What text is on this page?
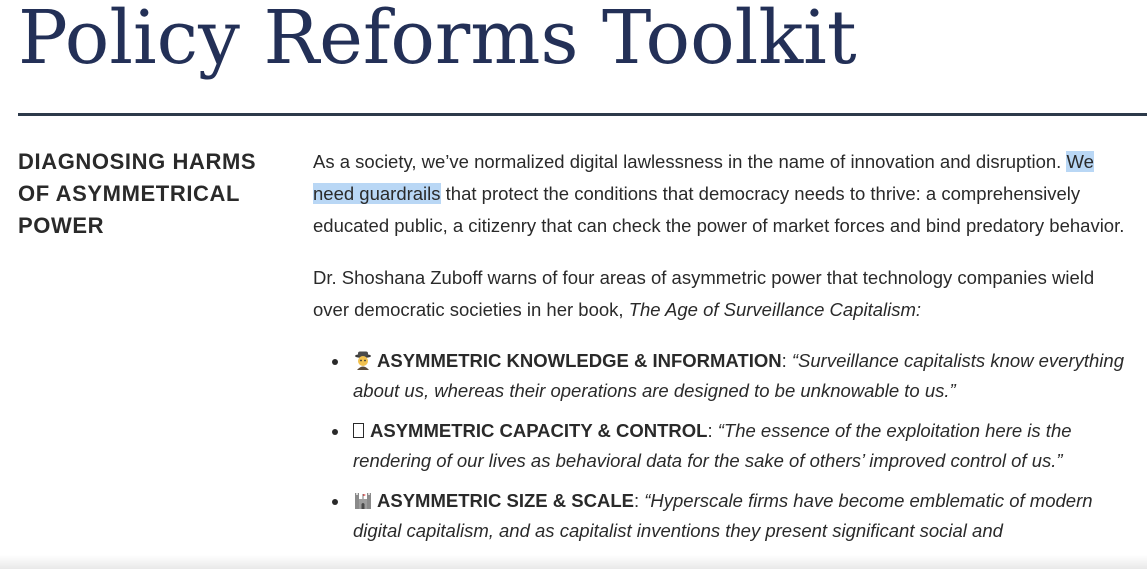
Policy Reforms Toolkit
DIAGNOSING HARMS OF ASYMMETRICAL POWER

As a society, we’ve normalized digital lawlessness in the name of innovation and disruption. We need guardrails that protect the conditions that democracy needs to thrive: a comprehensively educated public, a citizenry that can check the power of market forces and bind predatory behavior.

Dr. Shoshana Zuboff warns of four areas of asymmetric power that technology companies wield over democratic societies in her book, The Age of Surveillance Capitalism:

ASYMMETRIC KNOWLEDGE & INFORMATION: “Surveillance capitalists know everything about us, whereas their operations are designed to be unknowable to us.”
ASYMMETRIC CAPACITY & CONTROL: “The essence of the exploitation here is the rendering of our lives as behavioral data for the sake of others’ improved control of us.”
ASYMMETRIC SIZE & SCALE: “Hyperscale firms have become emblematic of modern digital capitalism, and as capitalist inventions they present significant social and
